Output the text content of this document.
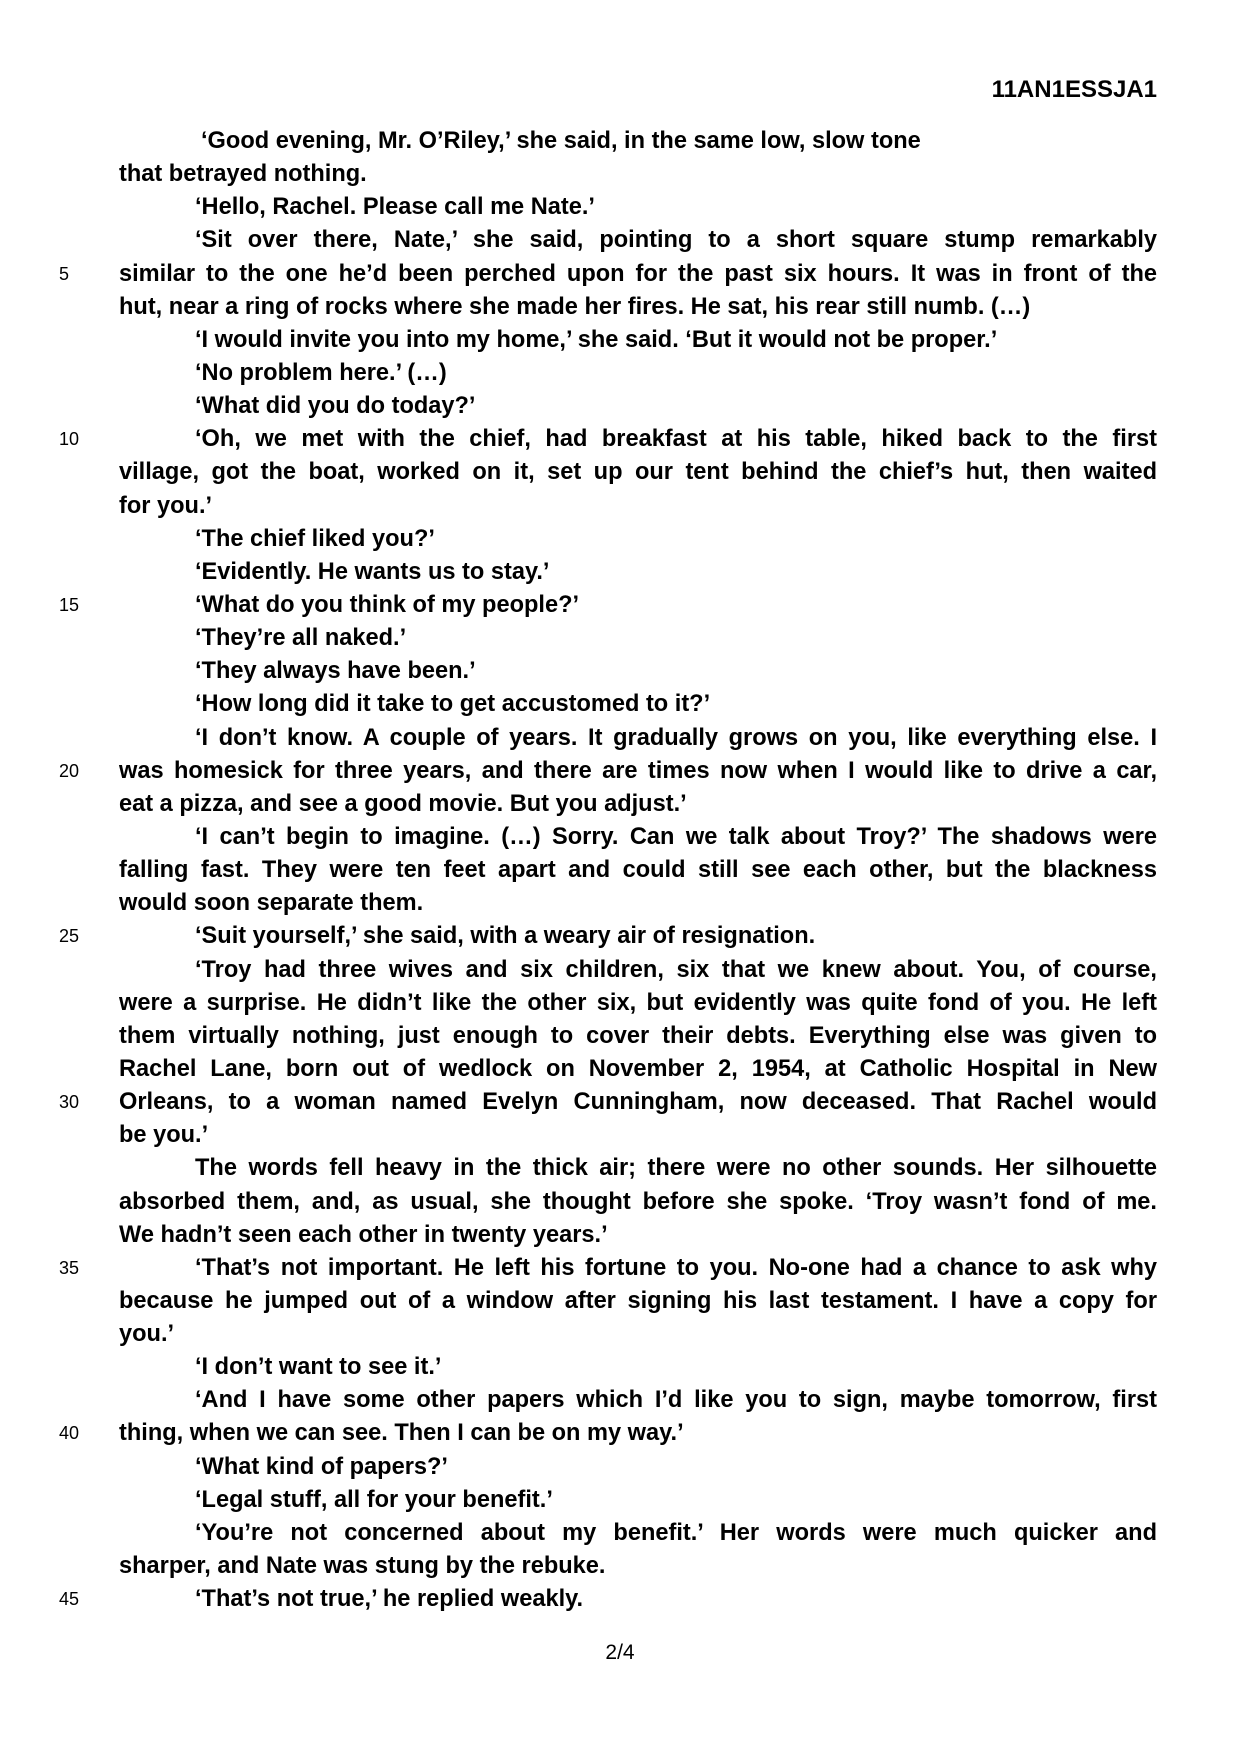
11AN1ESSJA1
‘Good evening, Mr. O’Riley,’ she said, in the same low, slow tone
that betrayed nothing.
‘Hello, Rachel. Please call me Nate.’
‘Sit over there, Nate,’ she said, pointing to a short square stump remarkably
5	similar to the one he’d been perched upon for the past six hours. It was in front of the
hut, near a ring of rocks where she made her fires. He sat, his rear still numb. (…)
‘I would invite you into my home,’ she said. ‘But it would not be proper.’
‘No problem here.’ (…)
‘What did you do today?’
10	‘Oh, we met with the chief, had breakfast at his table, hiked back to the first
village, got the boat, worked on it, set up our tent behind the chief’s hut, then waited
for you.’
‘The chief liked you?’
‘Evidently. He wants us to stay.’
15	‘What do you think of my people?’
‘They’re all naked.’
‘They always have been.’
‘How long did it take to get accustomed to it?’
‘I don’t know. A couple of years. It gradually grows on you, like everything else. I
20	was homesick for three years, and there are times now when I would like to drive a car,
eat a pizza, and see a good movie. But you adjust.’
‘I can’t begin to imagine. (…) Sorry. Can we talk about Troy?’ The shadows were
falling fast. They were ten feet apart and could still see each other, but the blackness
would soon separate them.
25	‘Suit yourself,’ she said, with a weary air of resignation.
‘Troy had three wives and six children, six that we knew about. You, of course,
were a surprise. He didn’t like the other six, but evidently was quite fond of you. He left
them virtually nothing, just enough to cover their debts. Everything else was given to
Rachel Lane, born out of wedlock on November 2, 1954, at Catholic Hospital in New
30	Orleans, to a woman named Evelyn Cunningham, now deceased. That Rachel would
be you.’
The words fell heavy in the thick air; there were no other sounds. Her silhouette
absorbed them, and, as usual, she thought before she spoke. ‘Troy wasn’t fond of me.
We hadn’t seen each other in twenty years.’
35	‘That’s not important. He left his fortune to you. No-one had a chance to ask why
because he jumped out of a window after signing his last testament. I have a copy for
you.’
‘I don’t want to see it.’
‘And I have some other papers which I’d like you to sign, maybe tomorrow, first
40	thing, when we can see. Then I can be on my way.’
‘What kind of papers?’
‘Legal stuff, all for your benefit.’
‘You’re not concerned about my benefit.’ Her words were much quicker and
sharper, and Nate was stung by the rebuke.
45	‘That’s not true,’ he replied weakly.
2/4
